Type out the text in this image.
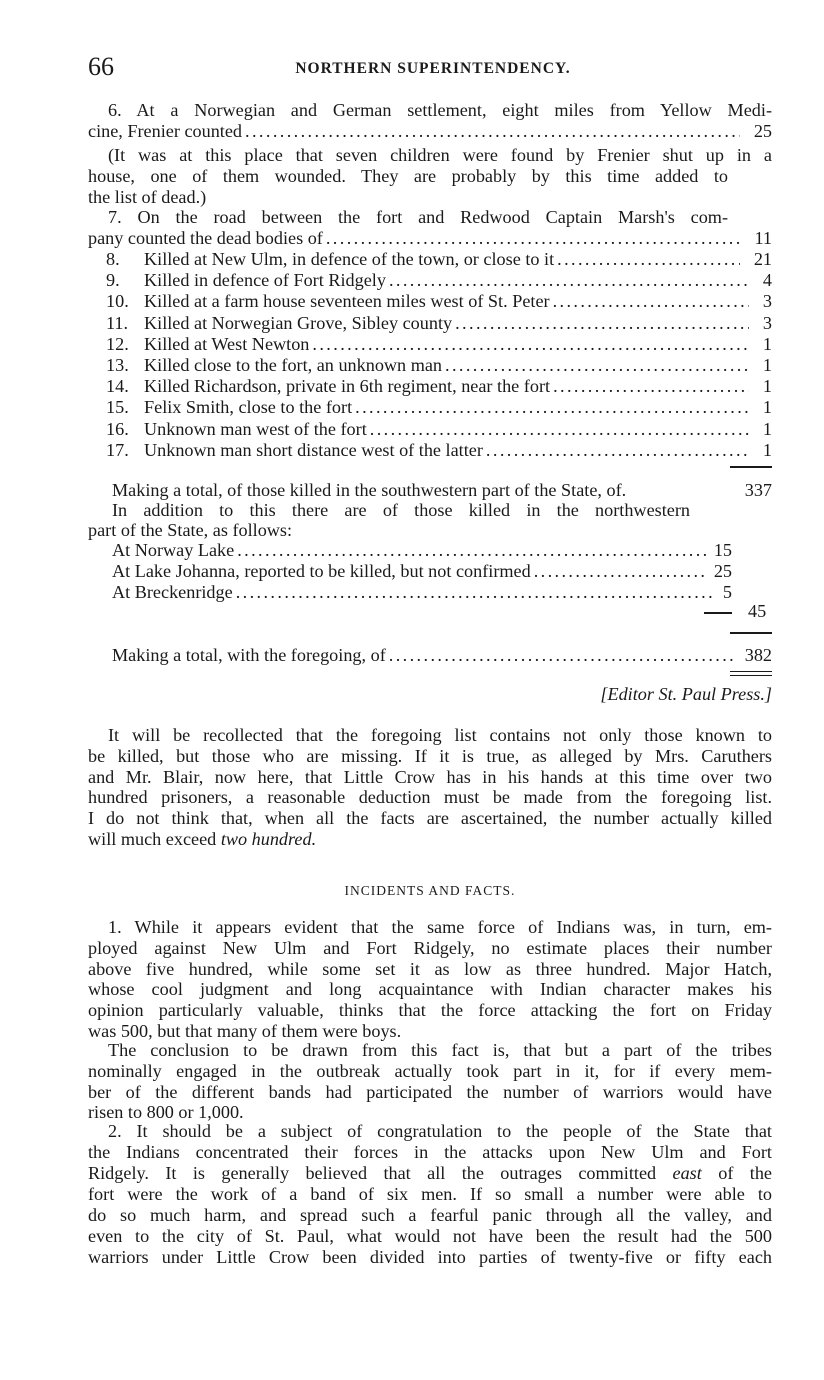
66	NORTHERN SUPERINTENDENCY.
6. At a Norwegian and German settlement, eight miles from Yellow Medi-
cine, Frenier counted .....	25
(It was at this place that seven children were found by Frenier shut up in a
house, one of them wounded. They are probably by this time added to
the list of dead.)
7. On the road between the fort and Redwood Captain Marsh's com-
pany counted the dead bodies of .....	11
8.	Killed at New Ulm, in defence of the town, or close to it .....	21
9.	Killed in defence of Fort Ridgely .....	4
10. Killed at a farm house seventeen miles west of St. Peter .....	3
11. Killed at Norwegian Grove, Sibley county .....	3
12. Killed at West Newton .....	1
13. Killed close to the fort, an unknown man .....	1
14. Killed Richardson, private in 6th regiment, near the fort .....	1
15. Felix Smith, close to the fort .....	1
16. Unknown man west of the fort .....	1
17. Unknown man short distance west of the latter .....	1
Making a total, of those killed in the southwestern part of the State, of.	337
In addition to this there are of those killed in the northwestern
part of the State, as follows:
At Norway Lake .....	15
At Lake Johanna, reported to be killed, but not confirmed .....	25
At Breckenridge .....	5
45
Making a total, with the foregoing, of .....	382
[Editor St. Paul Press.]
It will be recollected that the foregoing list contains not only those known to
be killed, but those who are missing. If it is true, as alleged by Mrs. Caruthers
and Mr. Blair, now here, that Little Crow has in his hands at this time over two
hundred prisoners, a reasonable deduction must be made from the foregoing list.
I do not think that, when all the facts are ascertained, the number actually killed
will much exceed two hundred.
INCIDENTS AND FACTS.
1. While it appears evident that the same force of Indians was, in turn, em-
ployed against New Ulm and Fort Ridgely, no estimate places their number
above five hundred, while some set it as low as three hundred. Major Hatch,
whose cool judgment and long acquaintance with Indian character makes his
opinion particularly valuable, thinks that the force attacking the fort on Friday
was 500, but that many of them were boys.
The conclusion to be drawn from this fact is, that but a part of the tribes
nominally engaged in the outbreak actually took part in it, for if every mem-
ber of the different bands had participated the number of warriors would have
risen to 800 or 1,000.
2. It should be a subject of congratulation to the people of the State that
the Indians concentrated their forces in the attacks upon New Ulm and Fort
Ridgely. It is generally believed that all the outrages committed east of the
fort were the work of a band of six men. If so small a number were able to
do so much harm, and spread such a fearful panic through all the valley, and
even to the city of St. Paul, what would not have been the result had the 500
warriors under Little Crow been divided into parties of twenty-five or fifty each
